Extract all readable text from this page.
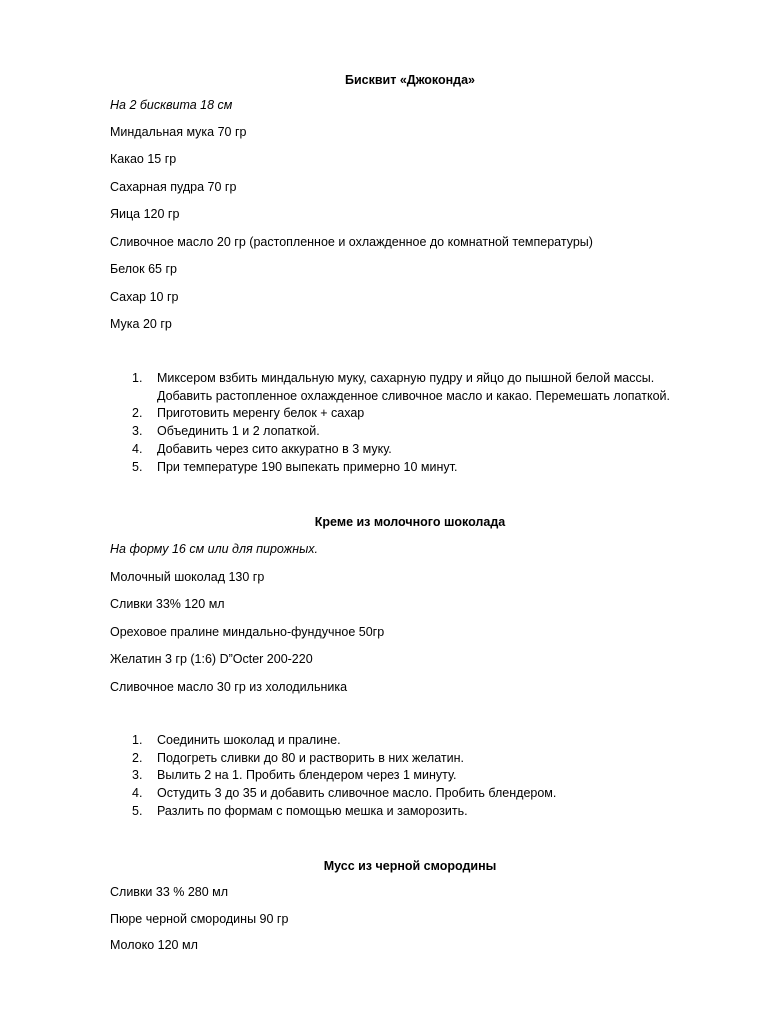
Бисквит «Джоконда»
На 2 бисквита 18 см
Миндальная мука 70 гр
Какао 15 гр
Сахарная пудра 70 гр
Яица 120 гр
Сливочное масло 20 гр (растопленное и охлажденное до комнатной температуры)
Белок 65 гр
Сахар 10 гр
Мука 20 гр
1. Миксером взбить миндальную муку, сахарную пудру и яйцо до пышной белой массы. Добавить растопленное охлажденное сливочное масло и какао. Перемешать лопаткой.
2. Приготовить меренгу белок + сахар
3. Объединить 1 и 2 лопаткой.
4. Добавить через сито аккуратно в 3 муку.
5. При температуре 190 выпекать примерно 10 минут.
Креме из молочного шоколада
На форму 16 см или для пирожных.
Молочный шоколад 130 гр
Сливки 33% 120 мл
Ореховое пралине миндально-фундучное 50гр
Желатин 3 гр (1:6) D”Octer 200-220
Сливочное масло 30 гр из холодильника
1. Соединить шоколад и пралине.
2. Подогреть сливки до 80 и растворить в них желатин.
3. Вылить 2 на 1. Пробить блендером через 1 минуту.
4. Остудить 3 до 35 и добавить сливочное масло. Пробить блендером.
5. Разлить по формам с помощью мешка и заморозить.
Мусс из черной смородины
Сливки 33 % 280 мл
Пюре черной смородины 90 гр
Молоко 120 мл
